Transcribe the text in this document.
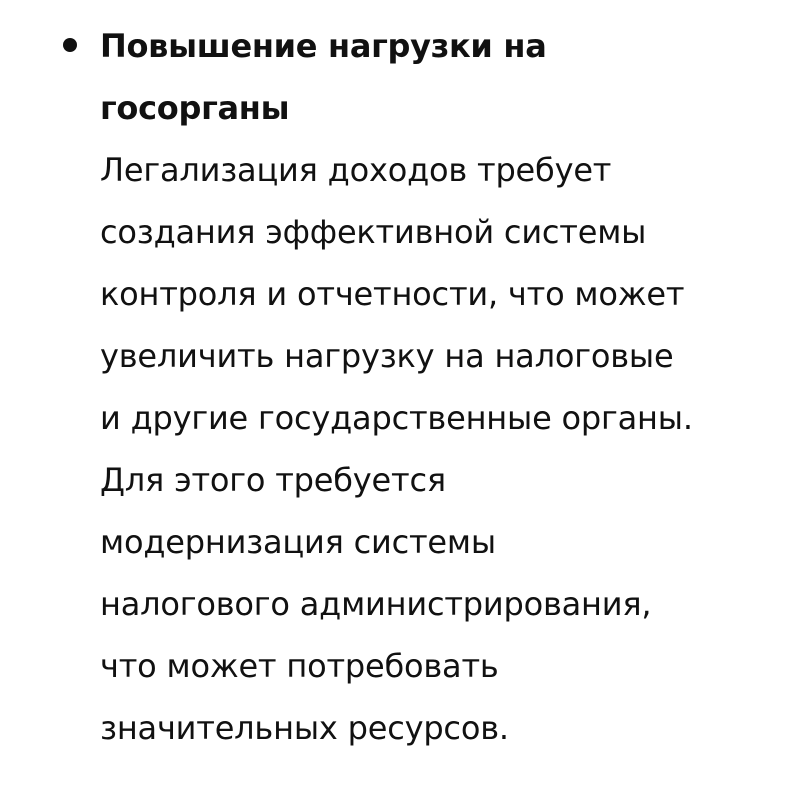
Повышение нагрузки на
госорганы

Легализация доходов требует
создания эффективной системы
контроля и отчетности, что может
увеличить нагрузку на налоговые
и другие государственные органы.
Для этого требуется
модернизация системы
налогового администрирования,
что может потребовать
значительных ресурсов.
